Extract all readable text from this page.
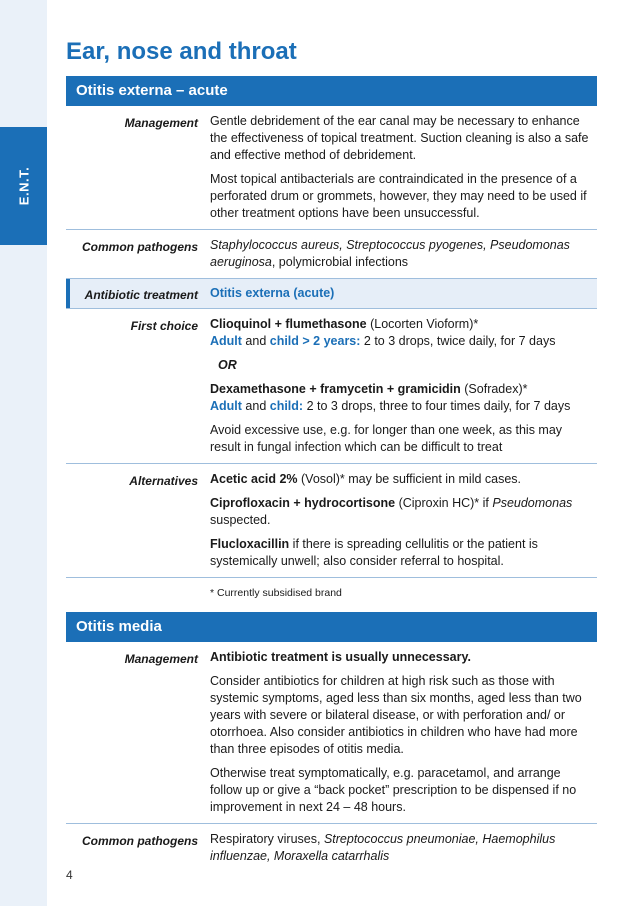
E.N.T.
Ear, nose and throat
Otitis externa – acute
Management Gentle debridement of the ear canal may be necessary to enhance the effectiveness of topical treatment. Suction cleaning is also a safe and effective method of debridement.

Most topical antibacterials are contraindicated in the presence of a perforated drum or grommets, however, they may need to be used if other treatment options have been unsuccessful.

Common pathogens Staphylococcus aureus, Streptococcus pyogenes, Pseudomonas aeruginosa, polymicrobial infections

Antibiotic treatment Otitis externa (acute)

First choice Clioquinol + flumethasone (Locorten Vioform)*
Adult and child > 2 years: 2 to 3 drops, twice daily, for 7 days

OR

Dexamethasone + framycetin + gramicidin (Sofradex)*
Adult and child: 2 to 3 drops, three to four times daily, for 7 days

Avoid excessive use, e.g. for longer than one week, as this may result in fungal infection which can be difficult to treat

Alternatives Acetic acid 2% (Vosol)* may be sufficient in mild cases.

Ciprofloxacin + hydrocortisone (Ciproxin HC)* if Pseudomonas suspected.

Flucloxacillin if there is spreading cellulitis or the patient is systemically unwell; also consider referral to hospital.

* Currently subsidised brand

Otitis media
Management Antibiotic treatment is usually unnecessary.

Consider antibiotics for children at high risk such as those with systemic symptoms, aged less than six months, aged less than two years with severe or bilateral disease, or with perforation and/ or otorrhoea. Also consider antibiotics in children who have had more than three episodes of otitis media.

Otherwise treat symptomatically, e.g. paracetamol, and arrange follow up or give a “back pocket” prescription to be dispensed if no improvement in next 24 – 48 hours.

Common pathogens Respiratory viruses, Streptococcus pneumoniae, Haemophilus influenzae, Moraxella catarrhalis

4
